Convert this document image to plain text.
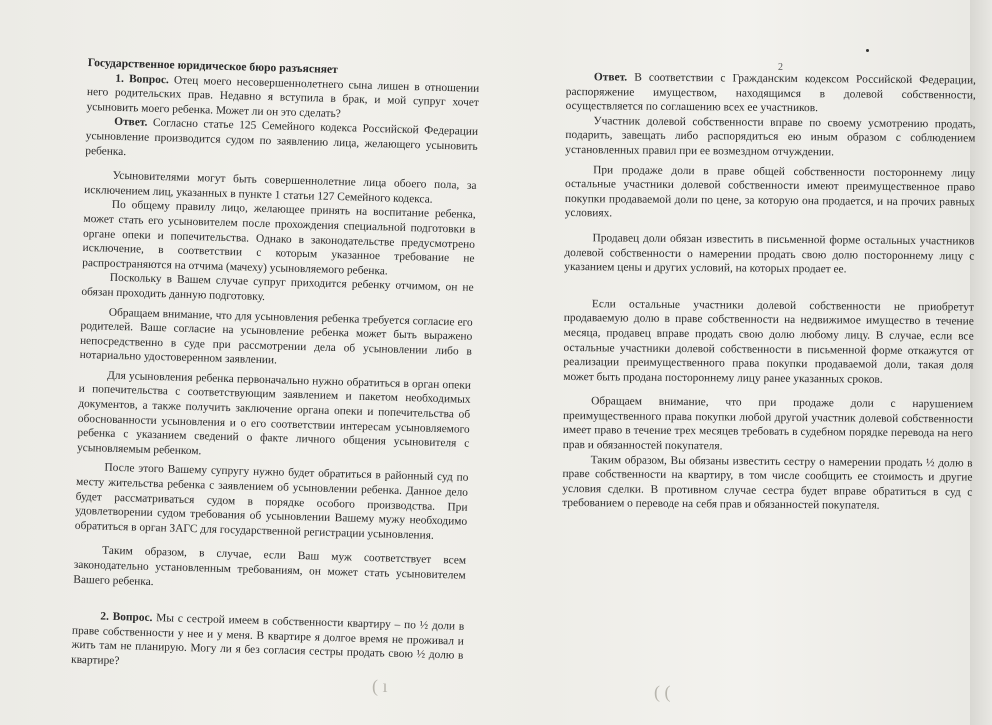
( ı	( (
2

Государственное юридическое бюро разъясняет

1. Вопрос. Отец моего несовершеннолетнего сына лишен в отношении него родительских прав. Недавно я вступила в брак, и мой супруг хочет усыновить моего ребенка. Может ли он это сделать?

Ответ. Согласно статье 125 Семейного кодекса Российской Федерации усыновление производится судом по заявлению лица, желающего усыновить ребенка.

Усыновителями могут быть совершеннолетние лица обоего пола, за исключением лиц, указанных в пункте 1 статьи 127 Семейного кодекса.

По общему правилу лицо, желающее принять на воспитание ребенка, может стать его усыновителем после прохождения специальной подготовки в органе опеки и попечительства. Однако в законодательстве предусмотрено исключение, в соответствии с которым указанное требование не распространяются на отчима (мачеху) усыновляемого ребенка.

Поскольку в Вашем случае супруг приходится ребенку отчимом, он не обязан проходить данную подготовку.

Обращаем внимание, что для усыновления ребенка требуется согласие его родителей. Ваше согласие на усыновление ребенка может быть выражено непосредственно в суде при рассмотрении дела об усыновлении либо в нотариально удостоверенном заявлении.

Для усыновления ребенка первоначально нужно обратиться в орган опеки и попечительства с соответствующим заявлением и пакетом необходимых документов, а также получить заключение органа опеки и попечительства об обоснованности усыновления и о его соответствии интересам усыновляемого ребенка с указанием сведений о факте личного общения усыновителя с усыновляемым ребенком.

После этого Вашему супругу нужно будет обратиться в районный суд по месту жительства ребенка с заявлением об усыновлении ребенка. Данное дело будет рассматриваться судом в порядке особого производства. При удовлетворении судом требования об усыновлении Вашему мужу необходимо обратиться в орган ЗАГС для государственной регистрации усыновления.

Таким образом, в случае, если Ваш муж соответствует всем законодательно установленным требованиям, он может стать усыновителем Вашего ребенка.

2. Вопрос. Мы с сестрой имеем в собственности квартиру – по ½ доли в праве собственности у нее и у меня. В квартире я долгое время не проживал и жить там не планирую. Могу ли я без согласия сестры продать свою ½ долю в квартире?

Ответ. В соответствии с Гражданским кодексом Российской Федерации, распоряжение имуществом, находящимся в долевой собственности, осуществляется по соглашению всех ее участников.

Участник долевой собственности вправе по своему усмотрению продать, подарить, завещать либо распорядиться ею иным образом с соблюдением установленных правил при ее возмездном отчуждении.

При продаже доли в праве общей собственности постороннему лицу остальные участники долевой собственности имеют преимущественное право покупки продаваемой доли по цене, за которую она продается, и на прочих равных условиях.

Продавец доли обязан известить в письменной форме остальных участников долевой собственности о намерении продать свою долю постороннему лицу с указанием цены и других условий, на которых продает ее.

Если остальные участники долевой собственности не приобретут продаваемую долю в праве собственности на недвижимое имущество в течение месяца, продавец вправе продать свою долю любому лицу. В случае, если все остальные участники долевой собственности в письменной форме откажутся от реализации преимущественного права покупки продаваемой доли, такая доля может быть продана постороннему лицу ранее указанных сроков.

Обращаем внимание, что при продаже доли с нарушением преимущественного права покупки любой другой участник долевой собственности имеет право в течение трех месяцев требовать в судебном порядке перевода на него прав и обязанностей покупателя.

Таким образом, Вы обязаны известить сестру о намерении продать ½ долю в праве собственности на квартиру, в том числе сообщить ее стоимость и другие условия сделки. В противном случае сестра будет вправе обратиться в суд с требованием о переводе на себя прав и обязанностей покупателя.
